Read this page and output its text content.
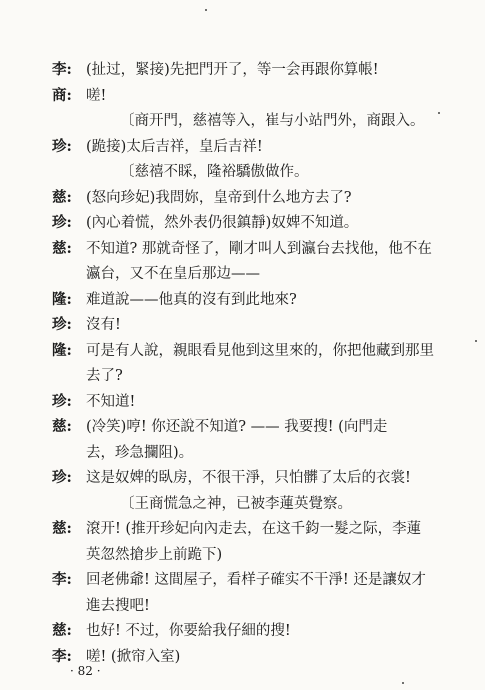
李: (扯过，緊接)先把門开了，等一会再跟你算帳!
商: 嗟!
〔商开門，慈禧等入，崔与小站門外，商跟入。
珍: (跪接)太后吉祥，皇后吉祥!
〔慈禧不睬，隆裕驕傲做作。
慈: (怒向珍妃)我問妳，皇帝到什么地方去了?
珍: (內心着慌，然外表仍很鎮靜)奴婢不知道。
慈: 不知道? 那就奇怪了，剛才叫人到瀛台去找他，他不在
瀛台，又不在皇后那边——
隆: 难道說——他真的沒有到此地來?
珍: 沒有!
隆: 可是有人說，親眼看見他到这里來的，你把他藏到那里
去了?
珍: 不知道!
慈: (冷笑)哼! 你还說不知道? —— 我要搜! (向門走
去，珍急攔阻)。
珍: 这是奴婢的臥房，不很干淨，只怕髒了太后的衣裳!
〔王商慌急之神，已被李蓮英覺察。
慈: 滾开! (推开珍妃向內走去，在这千鈞一髮之际，李蓮
英忽然搶步上前跪下)
李: 回老佛爺! 这間屋子，看样子確实不干淨! 还是讓奴才
進去搜吧!
慈: 也好! 不过，你要給我仔細的搜!
李: 嗟! (掀帘入室)
· 82 ·
